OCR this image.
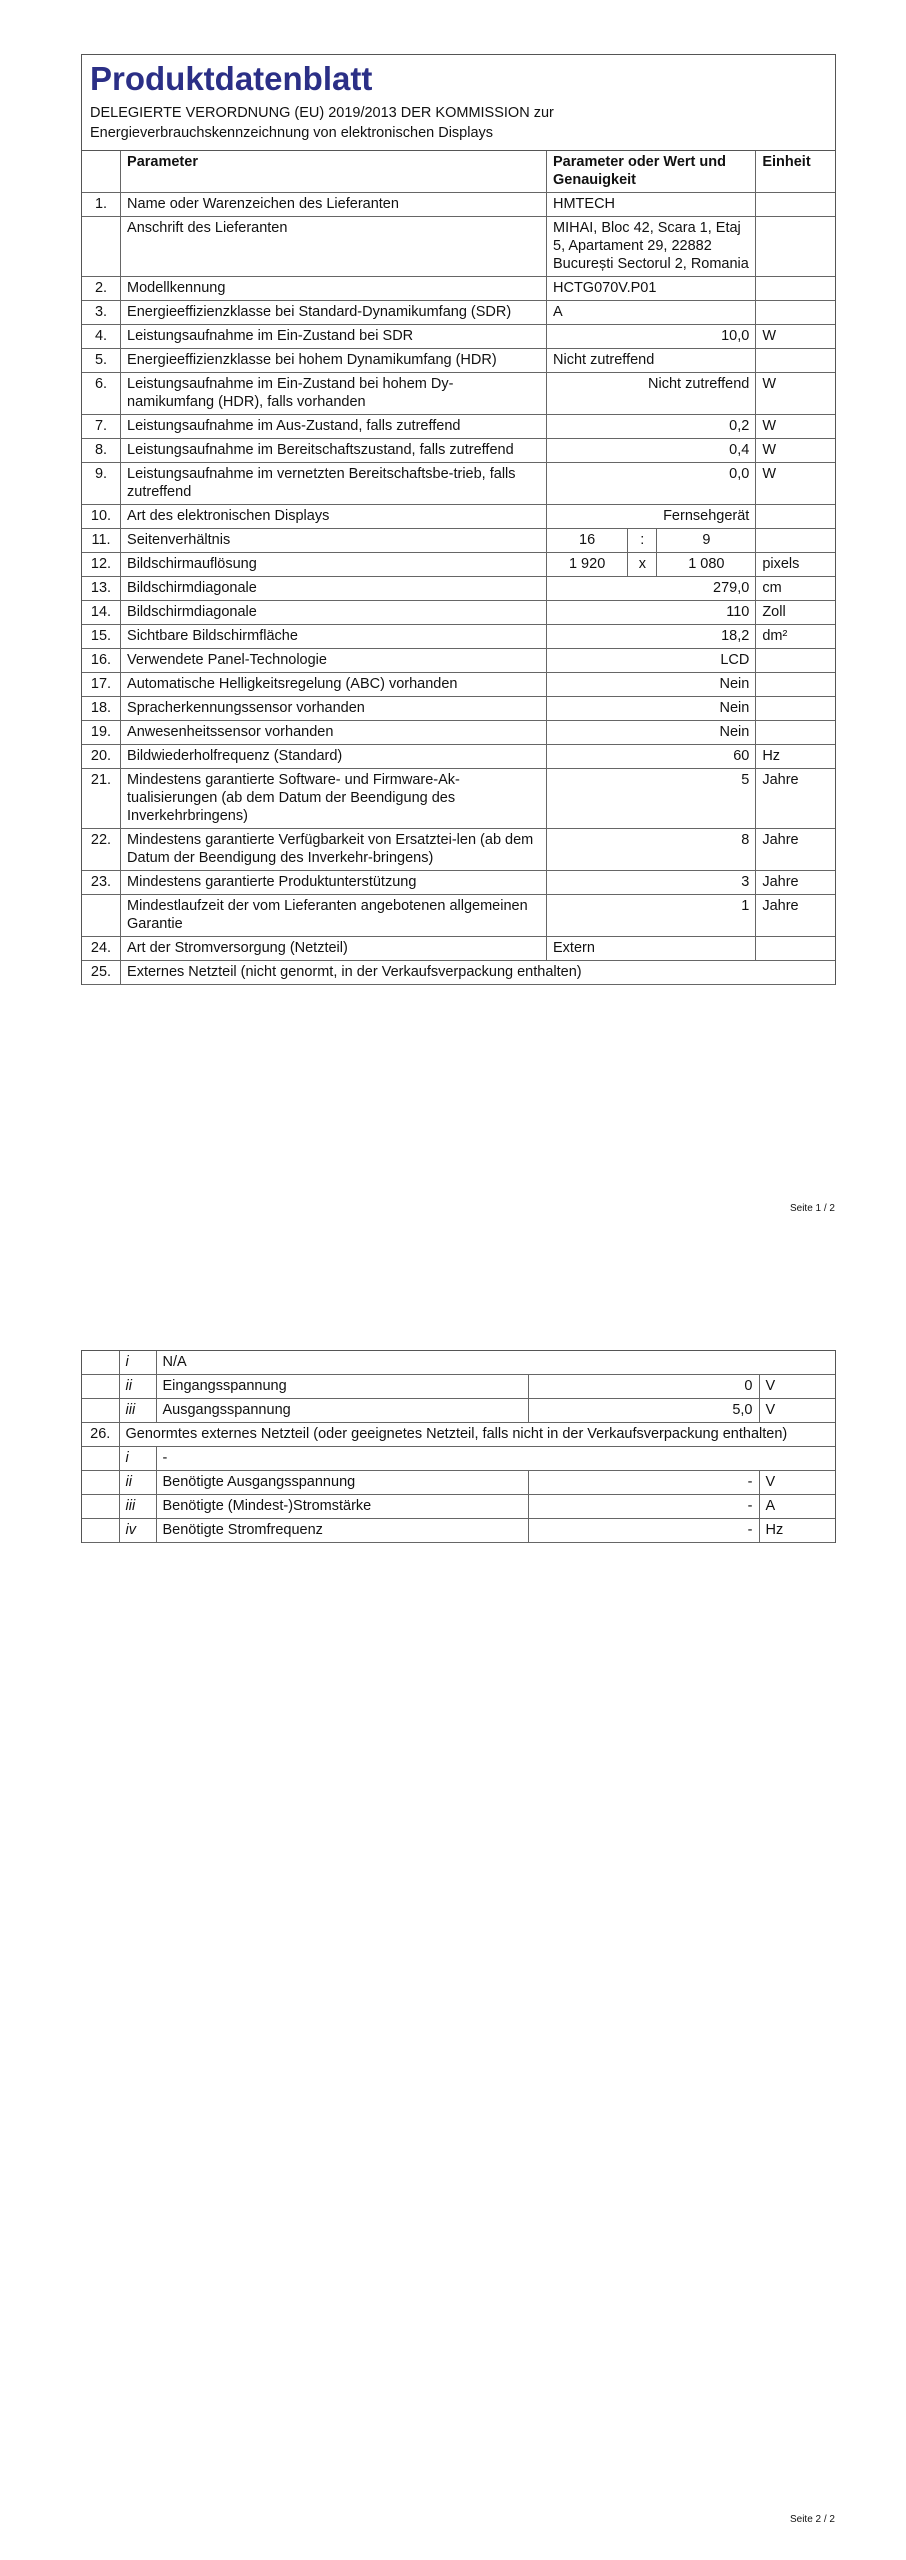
Produktdatenblatt
DELEGIERTE VERORDNUNG (EU) 2019/2013 DER KOMMISSION zur
Energieverbrauchskennzeichnung von elektronischen Displays
	Parameter	Parameter oder Wert und Genauigkeit			Einheit
1.	Name oder Warenzeichen des Lieferanten	HMTECH			
	Anschrift des Lieferanten	MIHAI, Bloc 42, Scara 1, Etaj 5, Apartament 29, 22882 București Sectorul 2, Romania			
2.	Modellkennung	HCTG070V.P01			
3.	Energieeffizienzklasse bei Standard-Dynamikumfang (SDR)	A			
4.	Leistungsaufnahme im Ein-Zustand bei SDR	10,0			W
5.	Energieeffizienzklasse bei hohem Dynamikumfang (HDR)	Nicht zutreffend			
6.	Leistungsaufnahme im Ein-Zustand bei hohem Dy-namikumfang (HDR), falls vorhanden	Nicht zutreffend			W
7.	Leistungsaufnahme im Aus-Zustand, falls zutreffend	0,2			W
8.	Leistungsaufnahme im Bereitschaftszustand, falls zutreffend	0,4			W
9.	Leistungsaufnahme im vernetzten Bereitschaftsbe-trieb, falls zutreffend	0,0			W
10.	Art des elektronischen Displays	Fernsehgerät			
11.	Seitenverhältnis	16	:	9	
12.	Bildschirmauflösung	1 920	x	1 080	pixels
13.	Bildschirmdiagonale	279,0			cm
14.	Bildschirmdiagonale	110			Zoll
15.	Sichtbare Bildschirmfläche	18,2			dm²
16.	Verwendete Panel-Technologie	LCD			
17.	Automatische Helligkeitsregelung (ABC) vorhanden	Nein			
18.	Spracherkennungssensor vorhanden	Nein			
19.	Anwesenheitssensor vorhanden	Nein			
20.	Bildwiederholfrequenz (Standard)	60			Hz
21.	Mindestens garantierte Software- und Firmware-Ak-tualisierungen (ab dem Datum der Beendigung des Inverkehrbringens)	5			Jahre
22.	Mindestens garantierte Verfügbarkeit von Ersatztei-len (ab dem Datum der Beendigung des Inverkehr-bringens)	8			Jahre
23.	Mindestens garantierte Produktunterstützung	3			Jahre
	Mindestlaufzeit der vom Lieferanten angebotenen allgemeinen Garantie	1			Jahre
24.	Art der Stromversorgung (Netzteil)	Extern			
25.	Externes Netzteil (nicht genormt, in der Verkaufsverpackung enthalten)				
Seite 1 / 2
	i	N/A		
	ii	Eingangsspannung	0	V
	iii	Ausgangsspannung	5,0	V
26.	Genormtes externes Netzteil (oder geeignetes Netzteil, falls nicht in der Verkaufsverpackung enthalten)			
	i	-		
	ii	Benötigte Ausgangsspannung	-	V
	iii	Benötigte (Mindest-)Stromstärke	-	A
	iv	Benötigte Stromfrequenz	-	Hz
Seite 2 / 2
